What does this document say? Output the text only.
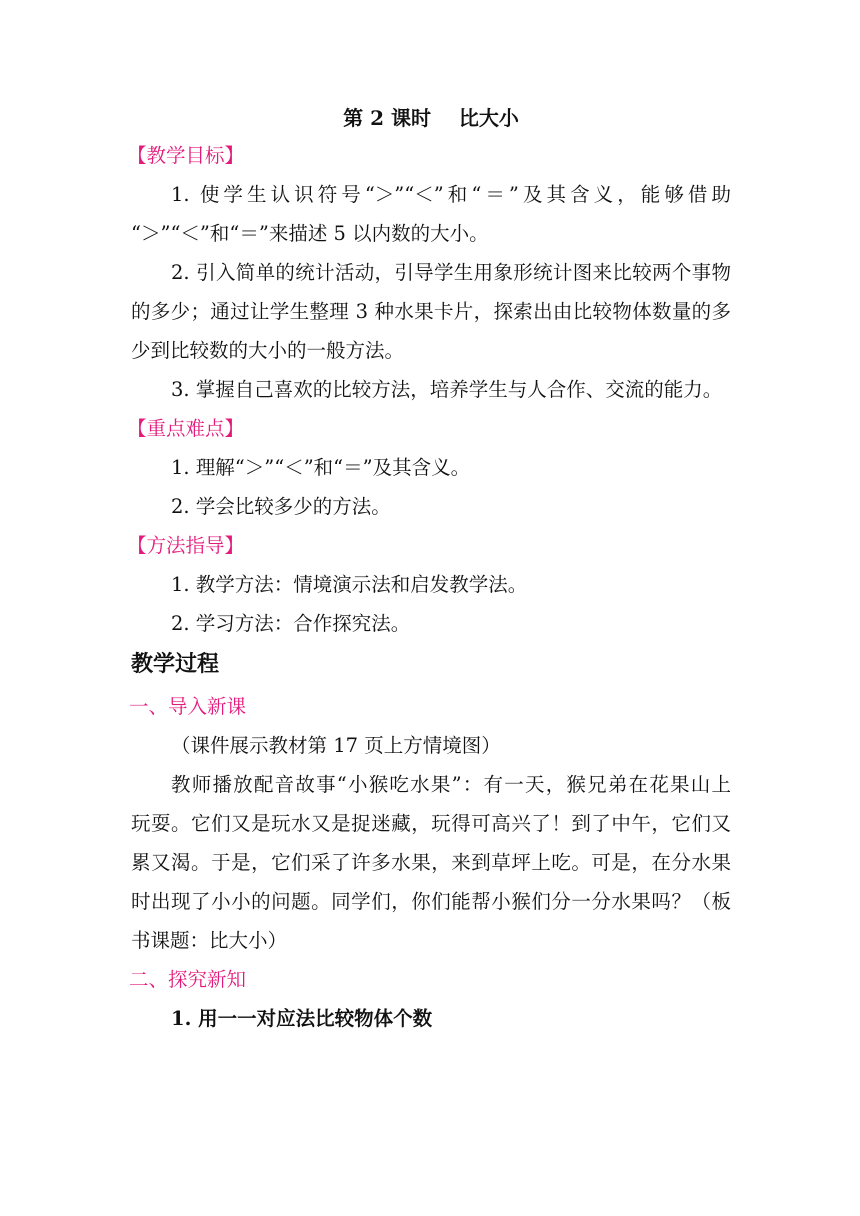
第 2 课时    比大小

【教学目标】

1. 使学生认识符号“＞”“＜”和“＝”及其含义，能够借助

“＞”“＜”和“＝”来描述 5 以内数的大小。

2. 引入简单的统计活动，引导学生用象形统计图来比较两个事物

的多少；通过让学生整理 3 种水果卡片，探索出由比较物体数量的多

少到比较数的大小的一般方法。

3. 掌握自己喜欢的比较方法，培养学生与人合作、交流的能力。

【重点难点】

1. 理解“＞”“＜”和“＝”及其含义。

2. 学会比较多少的方法。

【方法指导】

1. 教学方法：情境演示法和启发教学法。

2. 学习方法：合作探究法。

教学过程

一、导入新课

（课件展示教材第 17 页上方情境图）

教师播放配音故事“小猴吃水果”：有一天，猴兄弟在花果山上

玩耍。它们又是玩水又是捉迷藏，玩得可高兴了！到了中午，它们又

累又渴。于是，它们采了许多水果，来到草坪上吃。可是，在分水果

时出现了小小的问题。同学们，你们能帮小猴们分一分水果吗？（板

书课题：比大小）

二、探究新知

1. 用一一对应法比较物体个数
